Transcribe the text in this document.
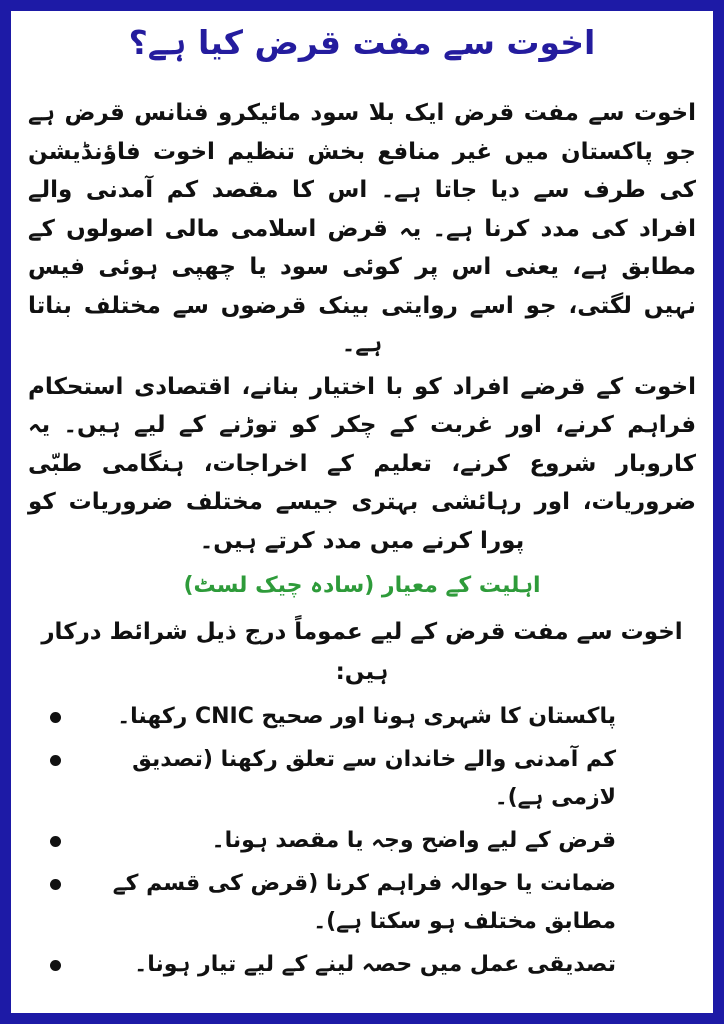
اخوت سے مفت قرض کیا ہے؟

اخوت سے مفت قرض ایک بلا سود مائیکرو فنانس قرض ہے جو پاکستان میں غیر منافع بخش تنظیم اخوت فاؤنڈیشن کی طرف سے دیا جاتا ہے۔ اس کا مقصد کم آمدنی والے افراد کی مدد کرنا ہے۔ یہ قرض اسلامی مالی اصولوں کے مطابق ہے، یعنی اس پر کوئی سود یا چھپی ہوئی فیس نہیں لگتی، جو اسے روایتی بینک قرضوں سے مختلف بناتا ہے۔

اخوت کے قرضے افراد کو با اختیار بنانے، اقتصادی استحکام فراہم کرنے، اور غربت کے چکر کو توڑنے کے لیے ہیں۔ یہ کاروبار شروع کرنے، تعلیم کے اخراجات، ہنگامی طبّی ضروریات، اور رہائشی بہتری جیسے مختلف ضروریات کو پورا کرنے میں مدد کرتے ہیں۔

اہلیت کے معیار (سادہ چیک لسٹ)

اخوت سے مفت قرض کے لیے عموماً درج ذیل شرائط درکار ہیں:

پاکستان کا شہری ہونا اور صحیح CNIC رکھنا۔
کم آمدنی والے خاندان سے تعلق رکھنا (تصدیق لازمی ہے)۔
قرض کے لیے واضح وجہ یا مقصد ہونا۔
ضمانت یا حوالہ فراہم کرنا (قرض کی قسم کے مطابق مختلف ہو سکتا ہے)۔
تصدیقی عمل میں حصہ لینے کے لیے تیار ہونا۔
